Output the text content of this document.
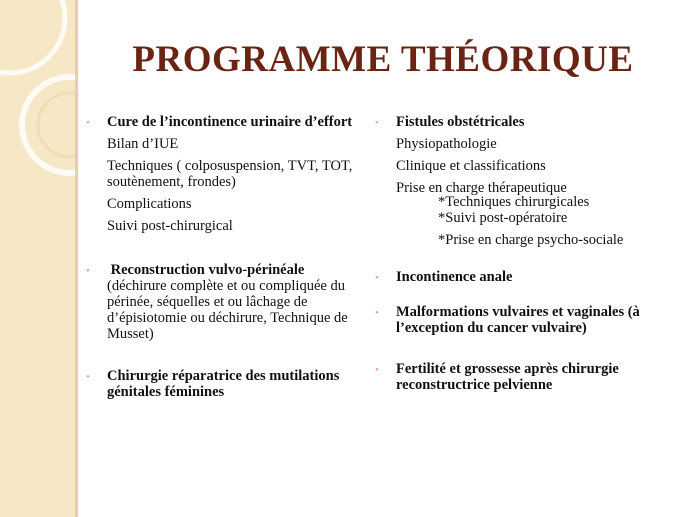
PROGRAMME THÉORIQUE
• Cure de l’incontinence urinaire d’effort
Bilan d’IUE
Techniques ( colposuspension, TVT, TOT, soutènement, frondes)
Complications
Suivi post-chirurgical
• Reconstruction vulvo-périnéale
(déchirure complète et ou compliquée du périnée, séquelles et ou lâchage de d’épisiotomie ou déchirure, Technique de Musset)
• Chirurgie réparatrice des mutilations génitales féminines
• Fistules obstétricales
Physiopathologie
Clinique et classifications
Prise en charge thérapeutique
*Techniques chirurgicales
*Suivi post-opératoire
*Prise en charge psycho-sociale
• Incontinence anale
• Malformations vulvaires et vaginales (à l’exception du cancer vulvaire)
• Fertilité et grossesse après chirurgie reconstructrice pelvienne
